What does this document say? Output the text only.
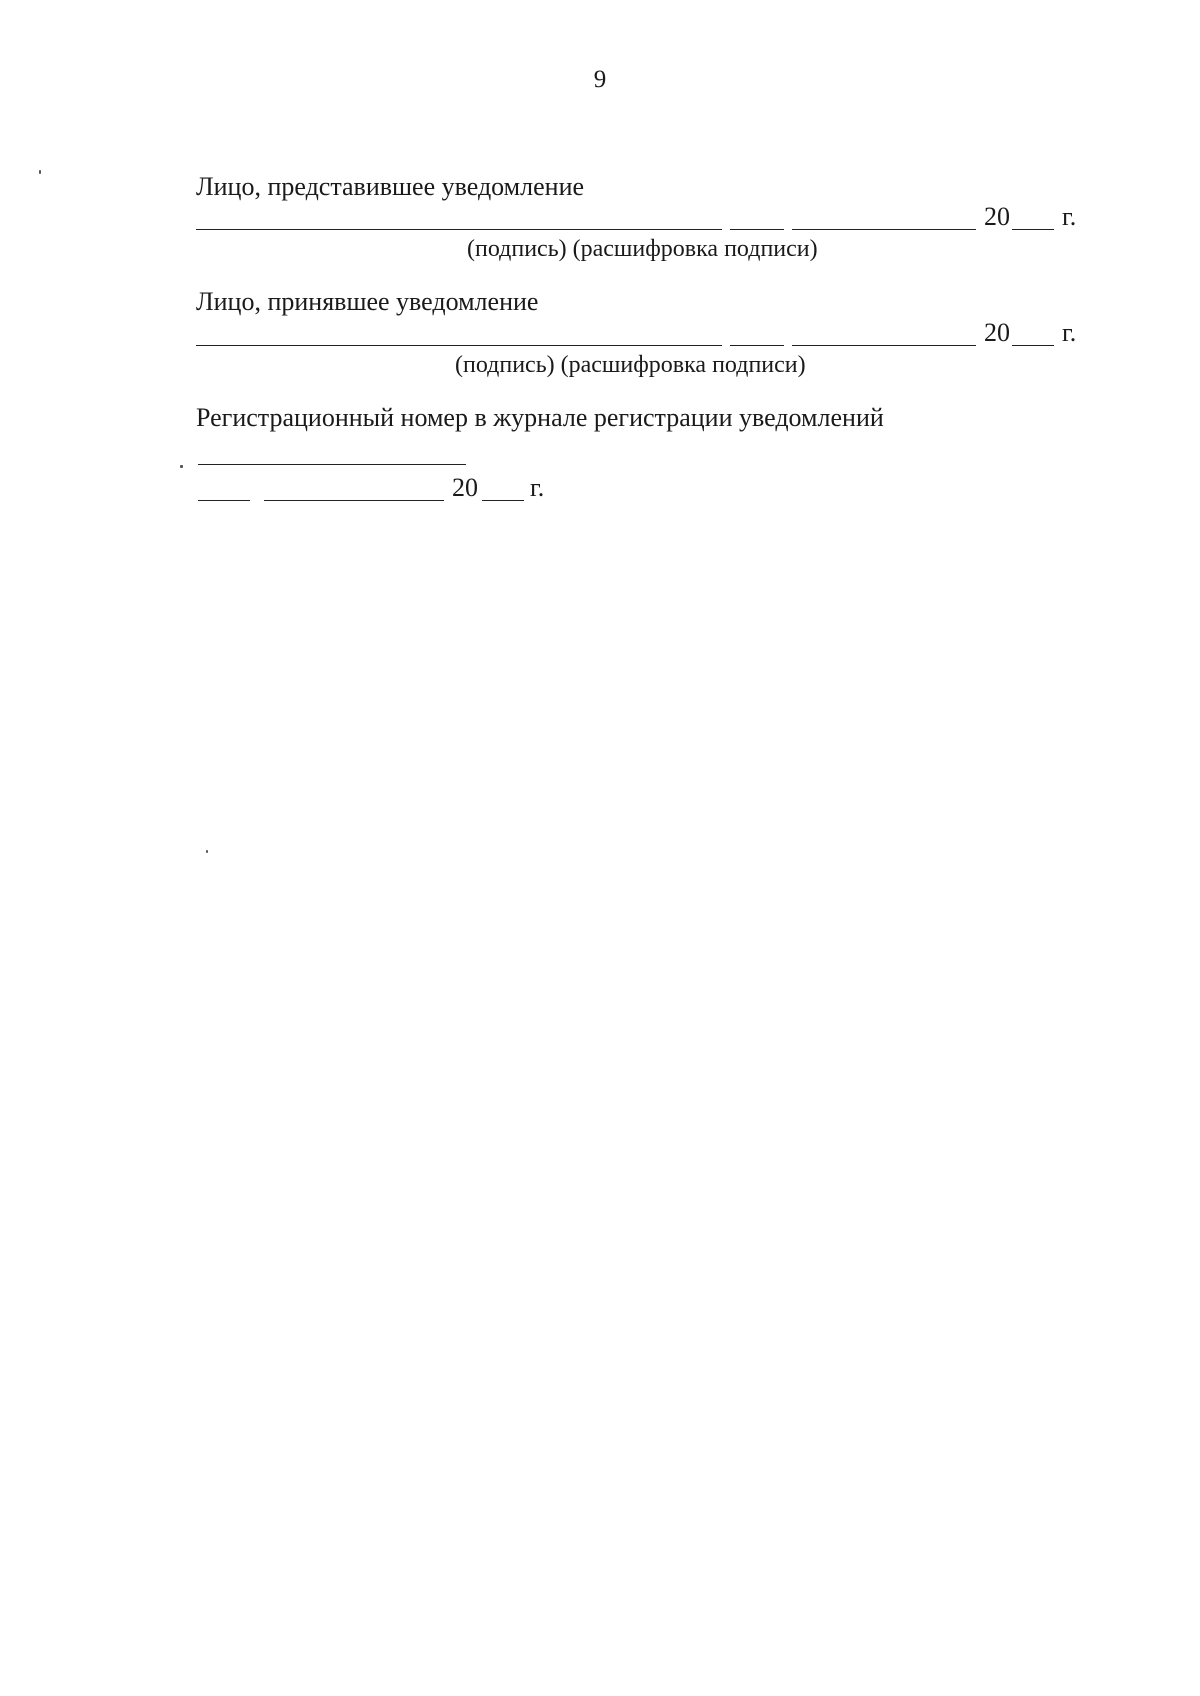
9
Лицо, представившее уведомление
20 г.
(подпись) (расшифровка подписи)
Лицо, принявшее уведомление
20 г.
(подпись) (расшифровка подписи)
Регистрационный номер в журнале регистрации уведомлений
20 г.
